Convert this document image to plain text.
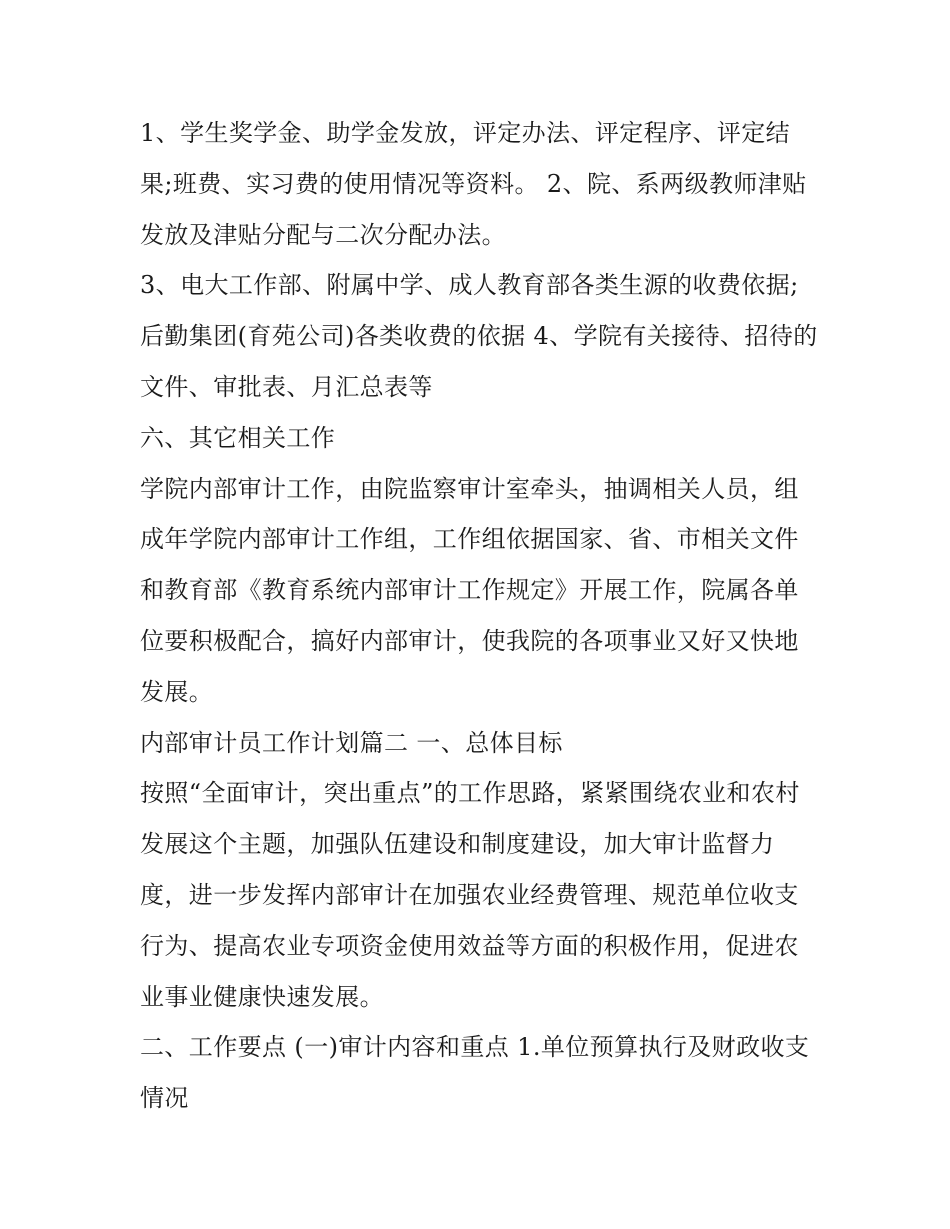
1、学生奖学金、助学金发放，评定办法、评定程序、评定结果;班费、实习费的使用情况等资料。 2、院、系两级教师津贴发放及津贴分配与二次分配办法。

3、电大工作部、附属中学、成人教育部各类生源的收费依据;后勤集团(育苑公司)各类收费的依据 4、学院有关接待、招待的文件、审批表、月汇总表等

六、其它相关工作

学院内部审计工作，由院监察审计室牵头，抽调相关人员，组成年学院内部审计工作组，工作组依据国家、省、市相关文件和教育部《教育系统内部审计工作规定》开展工作，院属各单位要积极配合，搞好内部审计，使我院的各项事业又好又快地发展。

内部审计员工作计划篇二 一、总体目标

按照“全面审计，突出重点”的工作思路，紧紧围绕农业和农村发展这个主题，加强队伍建设和制度建设，加大审计监督力度，进一步发挥内部审计在加强农业经费管理、规范单位收支行为、提高农业专项资金使用效益等方面的积极作用，促进农业事业健康快速发展。

二、工作要点 (一)审计内容和重点 1.单位预算执行及财政收支情况
